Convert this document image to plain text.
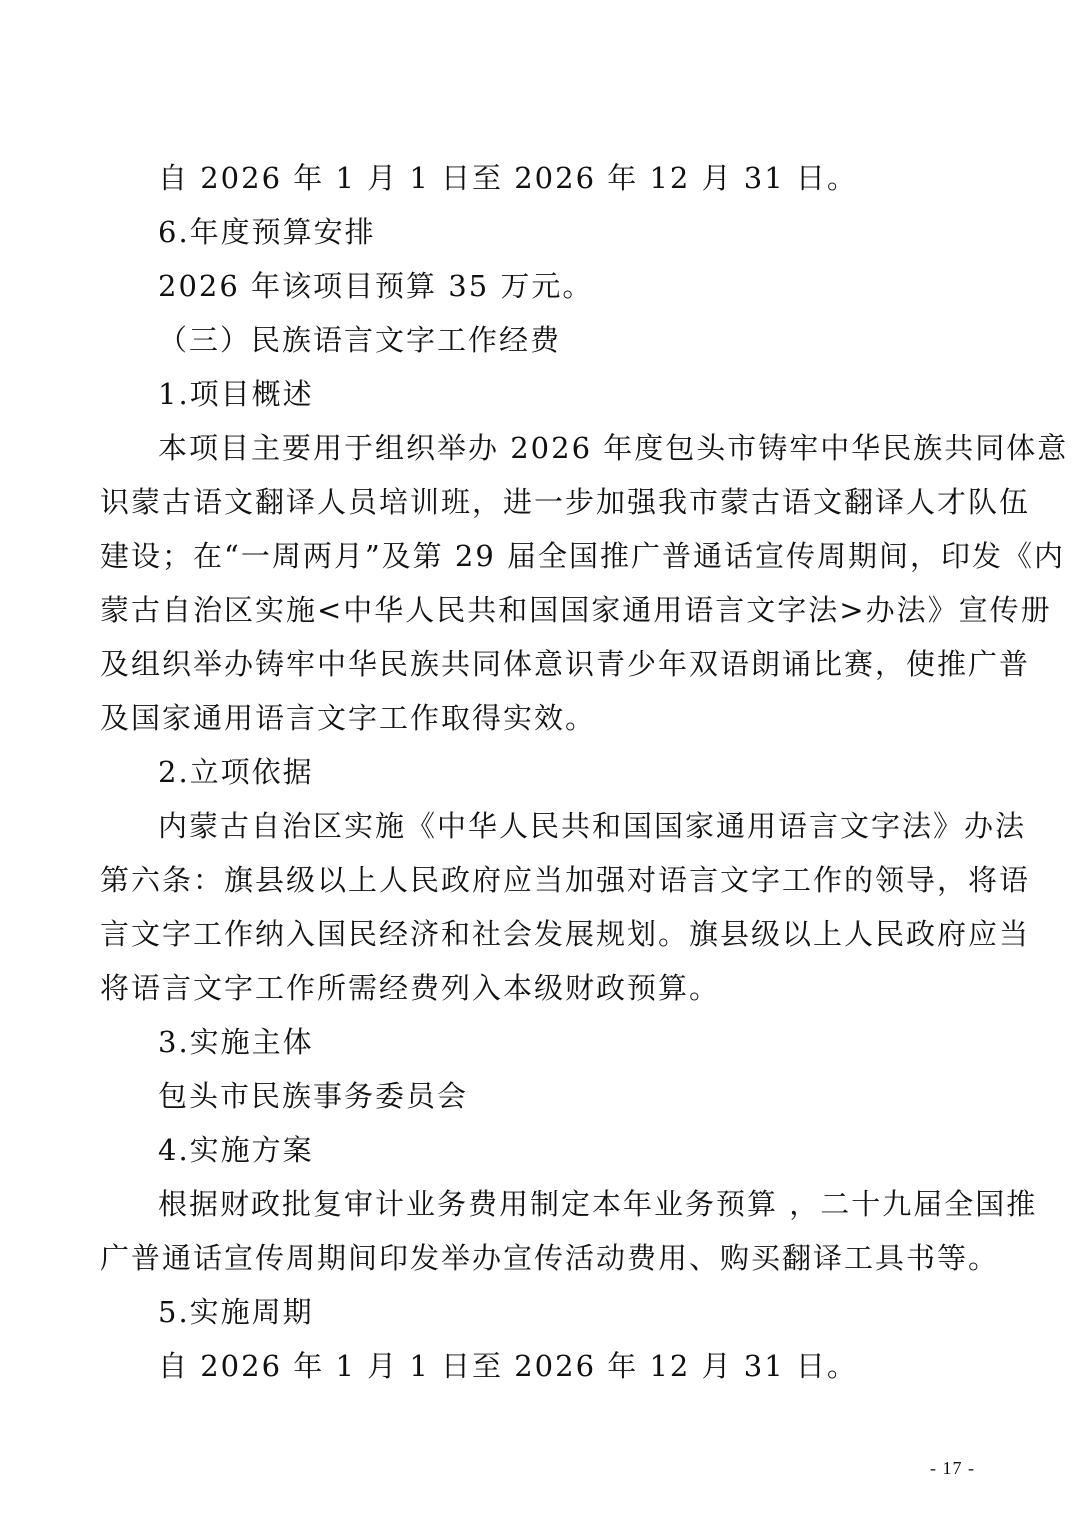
自 2026 年 1 月 1 日至 2026 年 12 月 31 日。
6.年度预算安排
2026 年该项目预算 35 万元。
（三）民族语言文字工作经费
1.项目概述
本项目主要用于组织举办 2026 年度包头市铸牢中华民族共同体意
识蒙古语文翻译人员培训班，进一步加强我市蒙古语文翻译人才队伍
建设；在“一周两月”及第 29 届全国推广普通话宣传周期间，印发《内
蒙古自治区实施<中华人民共和国国家通用语言文字法>办法》宣传册
及组织举办铸牢中华民族共同体意识青少年双语朗诵比赛，使推广普
及国家通用语言文字工作取得实效。
2.立项依据
内蒙古自治区实施《中华人民共和国国家通用语言文字法》办法
第六条：旗县级以上人民政府应当加强对语言文字工作的领导，将语
言文字工作纳入国民经济和社会发展规划。旗县级以上人民政府应当
将语言文字工作所需经费列入本级财政预算。
3.实施主体
包头市民族事务委员会
4.实施方案
根据财政批复审计业务费用制定本年业务预算 ，二十九届全国推
广普通话宣传周期间印发举办宣传活动费用、购买翻译工具书等。
5.实施周期
自 2026 年 1 月 1 日至 2026 年 12 月 31 日。
- 17 -
